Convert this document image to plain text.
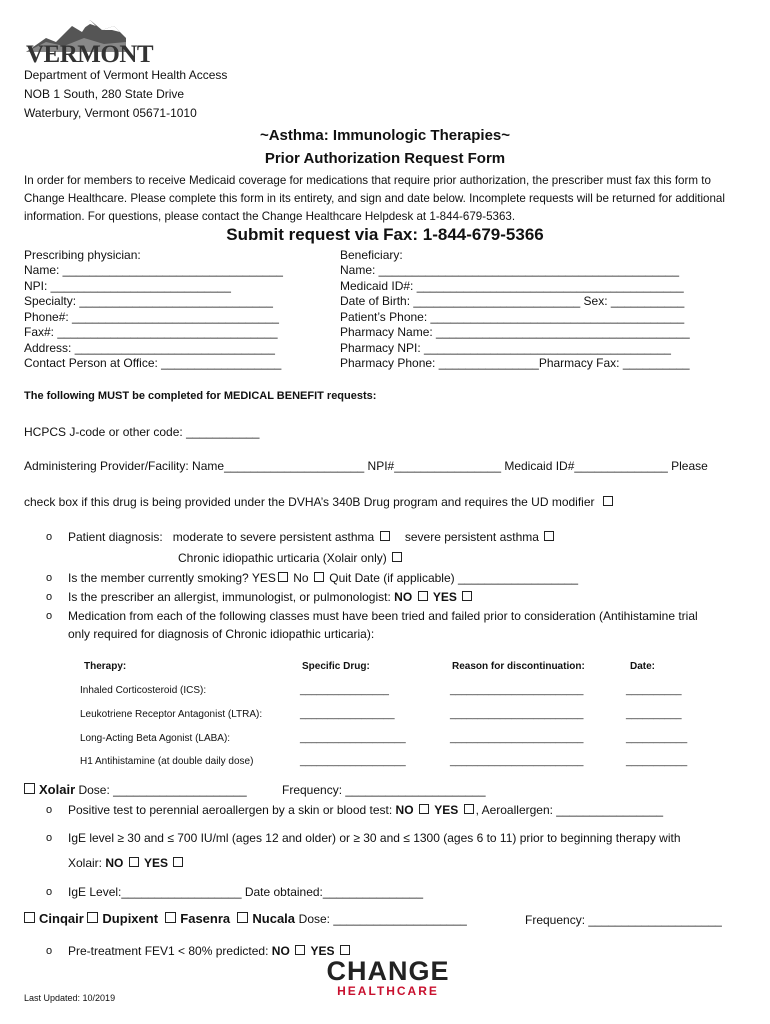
VERMONT
Department of Vermont Health Access
NOB 1 South, 280 State Drive
Waterbury, Vermont 05671-1010
~Asthma: Immunologic Therapies~
Prior Authorization Request Form
In order for members to receive Medicaid coverage for medications that require prior authorization, the prescriber must fax this form to Change Healthcare. Please complete this form in its entirety, and sign and date below. Incomplete requests will be returned for additional information. For questions, please contact the Change Healthcare Helpdesk at 1-844-679-5363.
Submit request via Fax: 1-844-679-5366
Prescribing physician:
Name: _________________________________
NPI: ___________________________
Specialty: _____________________________
Phone#: _______________________________
Fax#: _________________________________
Address: ______________________________
Contact Person at Office: __________________
Beneficiary:
Name: _____________________________________________
Medicaid ID#: ________________________________________
Date of Birth: _________________________ Sex: ___________
Patient’s Phone: ______________________________________
Pharmacy Name: ______________________________________
Pharmacy NPI: _____________________________________
Pharmacy Phone: _______________Pharmacy Fax: __________
The following MUST be completed for MEDICAL BENEFIT requests:
HCPCS J-code or other code: ___________
Administering Provider/Facility: Name_____________________ NPI#________________ Medicaid ID#______________ Please
check box if this drug is being provided under the DVHA’s 340B Drug program and requires the UD modifier
o Patient diagnosis: moderate to severe persistent asthma	severe persistent asthma
Chronic idiopathic urticaria (Xolair only)
o Is the member currently smoking? YES No Quit Date (if applicable) __________________
o Is the prescriber an allergist, immunologist, or pulmonologist: NO YES
o Medication from each of the following classes must have been tried and failed prior to consideration (Antihistamine trial
only required for diagnosis of Chronic idiopathic urticaria):
Therapy:	Specific Drug:	Reason for discontinuation:	Date:
Inhaled Corticosteroid (ICS):	________________	________________________	__________
Leukotriene Receptor Antagonist (LTRA):	_________________	________________________	__________
Long-Acting Beta Agonist (LABA):	___________________	________________________	___________
H1 Antihistamine (at double daily dose)	___________________	________________________	___________
Xolair Dose: ____________________	Frequency: _____________________
o Positive test to perennial aeroallergen by a skin or blood test: NO YES , Aeroallergen: ________________
o IgE level ≥ 30 and ≤ 700 IU/ml (ages 12 and older) or ≥ 30 and ≤ 1300 (ages 6 to 11) prior to beginning therapy with
Xolair: NO YES
o IgE Level:__________________ Date obtained:_______________
Cinqair Dupixent Fasenra Nucala Dose: ____________________	Frequency: ____________________
o Pre-treatment FEV1 < 80% predicted: NO YES
Last Updated: 10/2019
CHANGE
HEALTHCARE
